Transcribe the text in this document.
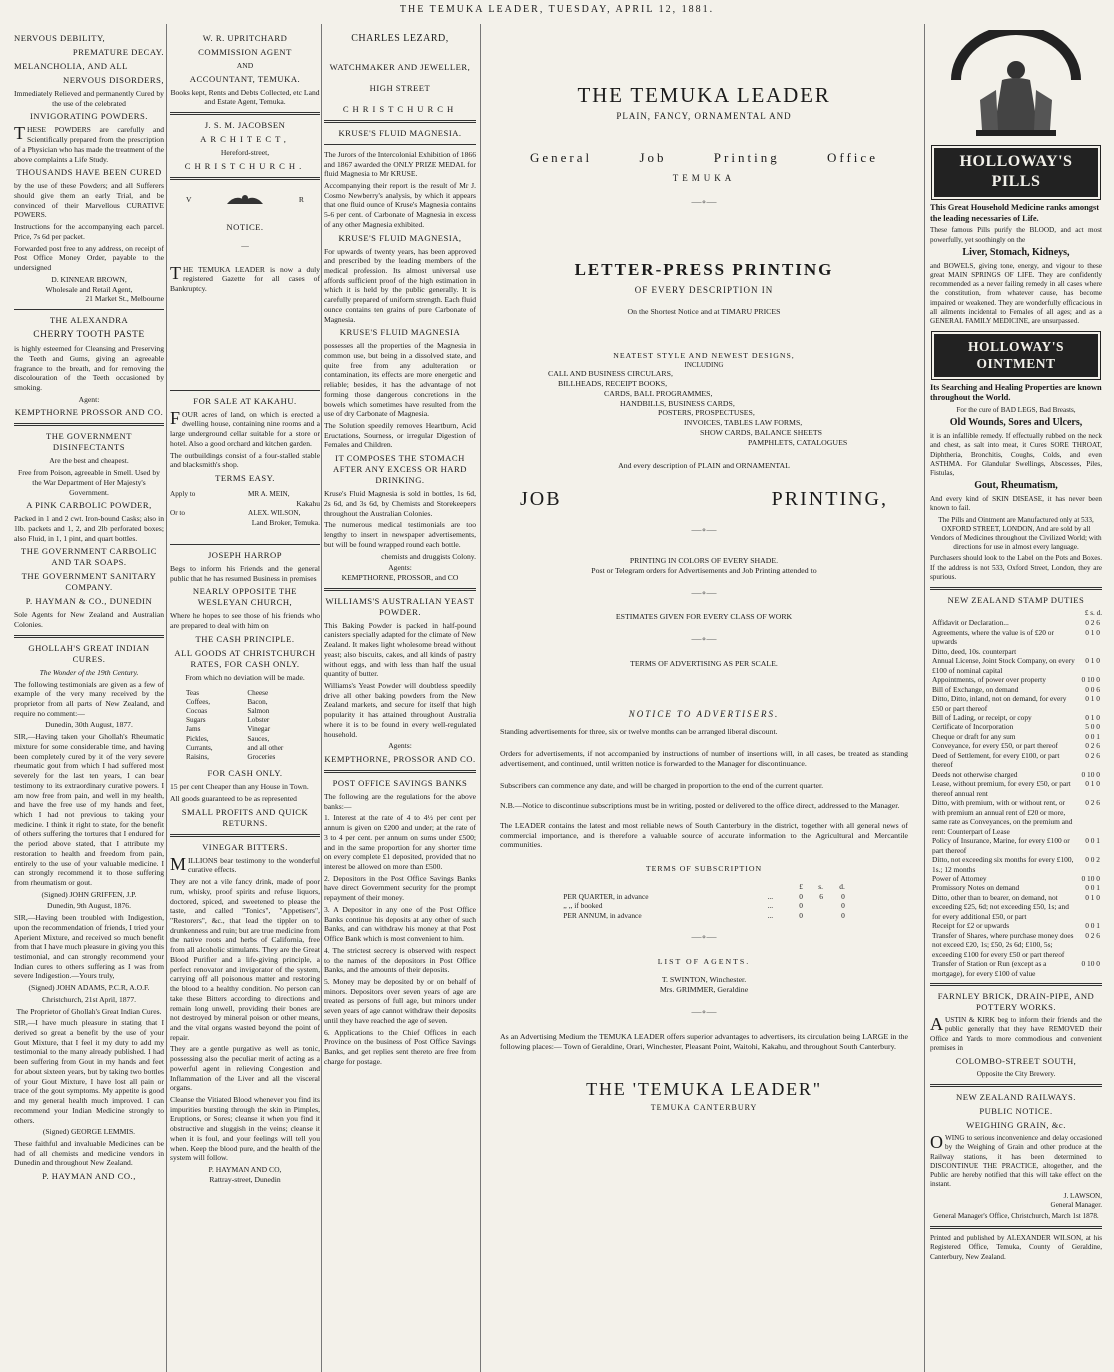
THE TEMUKA LEADER, TUESDAY, APRIL 12, 1881.
NERVOUS DEBILITY,
PREMATURE DECAY.
MELANCHOLIA, AND ALL
NERVOUS DISORDERS,

Immediately Relieved and permanently Cured by the use of the celebrated

INVIGORATING POWDERS.

THESE POWDERS are carefully and Scientifically prepared from the prescription of a Physician who has made the treatment of the above complaints a Life Study.

THOUSANDS HAVE BEEN CURED

by the use of these Powders; and all Sufferers should give them an early Trial, and be convinced of their Marvellous CURATIVE POWERS.

Instructions for the accompanying each parcel. Price, 7s 6d per packet.

Forwarded post free to any address, on receipt of Post Office Money Order, payable to the undersigned

D. KINNEAR BROWN,
Wholesale and Retail Agent,
21 Market St., Melbourne
THE ALEXANDRA
CHERRY TOOTH PASTE

is highly esteemed for Cleansing and Preserving the Teeth and Gums, giving an agreeable fragrance to the breath, and for removing the discolouration of the Teeth occasioned by smoking.

Agent:
KEMPTHORNE PROSSOR AND CO.
THE GOVERNMENT DISINFECTANTS
Are the best and cheapest.

Free from Poison, agreeable in Smell. Used by the War Department of Her Majesty's Government.

A PINK CARBOLIC POWDER,

Packed in 1 and 2 cwt. Iron-bound Casks; also in 1lb. packets and 1, 2, and 2lb perforated boxes; also Fluid, in 1, 1 pint, and quart bottles.

THE GOVERNMENT CARBOLIC AND TAR SOAPS.
THE GOVERNMENT SANITARY COMPANY.
P. HAYMAN & CO., DUNEDIN

Sole Agents for New Zealand and Australian Colonies.

GHOLLAH'S GREAT INDIAN CURES.

The Wonder of the 19th Century.

The following testimonials are given as a few of example of the very many received by the proprietor from all parts of New Zealand, and require no comment:—

Dunedin, 30th August, 1877.

SIR,—Having taken your Ghollah's Rheumatic mixture for some considerable time, and having been completely cured by it of the very severe rheumatic gout from which I had suffered most severely for the last ten years, I can bear testimony to its extraordinary curative powers. I am now free from pain, and well in my health, and have the free use of my hands and feet, which I had not previous to taking your medicine. I think it right to state, for the benefit of others suffering the tortures that I endured for the period above stated, that I attribute my restoration to health and freedom from pain, entirely to the use of your valuable medicine. I can strongly recommend it to those suffering from rheumatism or gout.

(Signed) JOHN GRIFFEN, J.P.

Dunedin, 9th August, 1876.

SIR,—Having been troubled with Indigestion, upon the recommendation of friends, I tried your Aperient Mixture, and received so much benefit from that I have much pleasure in giving you this testimonial, and can strongly recommend your Indian cures to others suffering as I was from severe Indigestion.—Yours truly,

(Signed) JOHN ADAMS, P.C.R, A.O.F.

Christchurch, 21st April, 1877.

The Proprietor of Ghollah's Great Indian Cures.

SIR,—I have much pleasure in stating that I derived so great a benefit by the use of your Gout Mixture, that I feel it my duty to add my testimonial to the many already published. I had been suffering from Gout in my hands and feet for about sixteen years, but by taking two bottles of your Gout Mixture, I have lost all pain or trace of the gout symptoms. My appetite is good and my general health much improved. I can recommend your Indian Medicine strongly to others.

(Signed) GEORGE LEMMIS.

These faithful and invaluable Medicines can be had of all chemists and medicine vendors in Dunedin and throughout New Zealand.

P. HAYMAN AND CO.,
W. R. UPRITCHARD
COMMISSION AGENT
AND
ACCOUNTANT, TEMUKA.

Books kept, Rents and Debts Collected, etc Land and Estate Agent, Temuka.

J. S. M. JACOBSEN
ARCHITECT,
Hereford-street,
CHRISTCHURCH.
V	R
NOTICE.
—

THE TEMUKA LEADER is now a duly registered Gazette for all cases of Bankruptcy.

FOR SALE AT KAKAHU.

FOUR acres of land, on which is erected a dwelling house, containing nine rooms and a large underground cellar suitable for a store or hotel. Also a good orchard and kitchen garden.

The outbuildings consist of a four-stalled stable and blacksmith's shop.

TERMS EASY.
Apply to	MR A. MEIN,
Kakahu
Or to	ALEX. WILSON,
Land Broker, Temuka.
JOSEPH HARROP

Begs to inform his Friends and the general public that he has resumed Business in premises

NEARLY OPPOSITE THE WESLEYAN CHURCH,

Where he hopes to see those of his friends who are prepared to deal with him on

THE CASH PRINCIPLE.
ALL GOODS AT CHRISTCHURCH RATES, FOR CASH ONLY.

From which no deviation will be made.

Teas
Coffees,
Cocoas
Sugars
Jams
Pickles,
Currants,
Raisins,
Cheese
Bacon,
Salmon
Lobster
Vinegar
Sauces,
and all other
Groceries
FOR CASH ONLY.

15 per cent Cheaper than any House in Town.

All goods guaranteed to be as represented

SMALL PROFITS AND QUICK RETURNS.
VINEGAR BITTERS.

MILLIONS bear testimony to the wonderful curative effects.

They are not a vile fancy drink, made of poor rum, whisky, proof spirits and refuse liquors, doctored, spiced, and sweetened to please the taste, and called "Tonics", "Appetisers", "Restorers", &c., that lead the tippler on to drunkenness and ruin; but are true medicine from the native roots and herbs of California, free from all alcoholic stimulants. They are the Great Blood Purifier and a life-giving principle, a perfect renovator and invigorator of the system, carrying off all poisonous matter and restoring the blood to a healthy condition. No person can take these Bitters according to directions and remain long unwell, providing their bones are not destroyed by mineral poison or other means, and the vital organs wasted beyond the point of repair.

They are a gentle purgative as well as tonic, possessing also the peculiar merit of acting as a powerful agent in relieving Congestion and Inflammation of the Liver and all the visceral organs.

Cleanse the Vitiated Blood whenever you find its impurities bursting through the skin in Pimples, Eruptions, or Sores; cleanse it when you find it obstructive and sluggish in the veins; cleanse it when it is foul, and your feelings will tell you when. Keep the blood pure, and the health of the system will follow.

P. HAYMAN AND CO,
Rattray-street, Dunedin
CHARLES LEZARD,
WATCHMAKER AND JEWELLER,
HIGH STREET
CHRISTCHURCH
KRUSE'S FLUID MAGNESIA.

The Jurors of the Intercolonial Exhibition of 1866 and 1867 awarded the ONLY PRIZE MEDAL for fluid Magnesia to Mr KRUSE.

Accompanying their report is the result of Mr J. Cosmo Newberry's analysis, by which it appears that one fluid ounce of Kruse's Magnesia contains 5-6 per cent. of Carbonate of Magnesia in excess of any other Magnesia exhibited.

KRUSE'S FLUID MAGNESIA,

For upwards of twenty years, has been approved and prescribed by the leading members of the medical profession. Its almost universal use affords sufficient proof of the high estimation in which it is held by the public generally. It is carefully prepared of uniform strength. Each fluid ounce contains ten grains of pure Carbonate of Magnesia.

KRUSE'S FLUID MAGNESIA

possesses all the properties of the Magnesia in common use, but being in a dissolved state, and quite free from any adulteration or contamination, its effects are more energetic and reliable; besides, it has the advantage of not forming those dangerous concretions in the bowels which sometimes have resulted from the use of dry Carbonate of Magnesia.

The Solution speedily removes Heartburn, Acid Eructations, Sourness, or irregular Digestion of Females and Children.

IT COMPOSES THE STOMACH AFTER ANY EXCESS OR HARD DRINKING.

Kruse's Fluid Magnesia is sold in bottles, 1s 6d, 2s 6d, and 3s 6d, by Chemists and Storekeepers throughout the Australian Colonies.

The numerous medical testimonials are too lengthy to insert in newspaper advertisements, but will be found wrapped round each bottle.

chemists and druggists Colony.

Agents:
KEMPTHORNE, PROSSOR, and CO
WILLIAMS'S AUSTRALIAN YEAST POWDER.

This Baking Powder is packed in half-pound canisters specially adapted for the climate of New Zealand. It makes light wholesome bread without yeast; also biscuits, cakes, and all kinds of pastry without eggs, and with less than half the usual quantity of butter.

Williams's Yeast Powder will doubtless speedily drive all other baking powders from the New Zealand markets, and secure for itself that high popularity it has attained throughout Australia where it is to be found in every well-regulated household.

Agents:
KEMPTHORNE, PROSSOR AND CO.
POST OFFICE SAVINGS BANKS

The following are the regulations for the above banks:—

1. Interest at the rate of 4 to 4½ per cent per annum is given on £200 and under; at the rate of 3 to 4 per cent. per annum on sums under £500; and in the same proportion for any shorter time on every complete £1 deposited, provided that no interest be allowed on more than £500.

2. Depositors in the Post Office Savings Banks have direct Government security for the prompt repayment of their money.

3. A Depositor in any one of the Post Office Banks continue his deposits at any other of such Banks, and can withdraw his money at that Post Office Bank which is most convenient to him.

4. The strictest secrecy is observed with respect to the names of the depositors in Post Office Banks, and the amounts of their deposits.

5. Money may be deposited by or on behalf of minors. Depositors over seven years of age are treated as persons of full age, but minors under seven years of age cannot withdraw their deposits until they have reached the age of seven.

6. Applications to the Chief Offices in each Province on the business of Post Office Savings Banks, and get replies sent thereto are free from charge for postage.

THE TEMUKA LEADER
PLAIN, FANCY, ORNAMENTAL AND
General	Job	Printing	Office
TEMUKA
—∘—
LETTER-PRESS PRINTING
OF EVERY DESCRIPTION IN
On the Shortest Notice and at TIMARU PRICES
NEATEST STYLE AND NEWEST DESIGNS,
INCLUDING
CALL AND BUSINESS CIRCULARS,
BILLHEADS, RECEIPT BOOKS,
CARDS, BALL PROGRAMMES,
HANDBILLS, BUSINESS CARDS,
POSTERS, PROSPECTUSES,
INVOICES, TABLES LAW FORMS,
SHOW CARDS, BALANCE SHEETS
PAMPHLETS, CATALOGUES
And every description of PLAIN and ORNAMENTAL
JOB	PRINTING,
—∘—
PRINTING IN COLORS OF EVERY SHADE.
Post or Telegram orders for Advertisements and Job Printing attended to
—∘—
ESTIMATES GIVEN FOR EVERY CLASS OF WORK
—∘—
TERMS OF ADVERTISING AS PER SCALE.
NOTICE TO ADVERTISERS.

Standing advertisements for three, six or twelve months can be arranged liberal discount.

Orders for advertisements, if not accompanied by instructions of number of insertions will, in all cases, be treated as standing advertisement, and continued, until written notice is forwarded to the Manager for discontinuance.

Subscribers can commence any date, and will be charged in proportion to the end of the current quarter.

N.B.—Notice to discontinue subscriptions must be in writing, posted or delivered to the office direct, addressed to the Manager.

The LEADER contains the latest and most reliable news of South Canterbury in the district, together with all general news of commercial importance, and is therefore a valuable source of accurate information to the Agricultural and Mercantile communities.

TERMS OF SUBSCRIPTION
		£	s.	d.
PER QUARTER, in advance	...	0	6	0
,, ,, if booked	...	0		0
PER ANNUM, in advance	...	0		0
—∘—
LIST OF AGENTS.
T. SWINTON, Winchester.
Mrs. GRIMMER, Geraldine
—∘—

As an Advertising Medium the TEMUKA LEADER offers superior advantages to advertisers, its circulation being LARGE in the following places:— Town of Geraldine, Orari, Winchester, Pleasant Point, Waitohi, Kakahu, and throughout South Canterbury.

THE 'TEMUKA LEADER"
TEMUKA CANTERBURY
FRIEND
HOLLOWAY'S PILLS
This Great Household Medicine ranks amongst the leading necessaries of Life.

These famous Pills purify the BLOOD, and act most powerfully, yet soothingly on the

Liver, Stomach, Kidneys,

and BOWELS, giving tone, energy, and vigour to these great MAIN SPRINGS OF LIFE. They are confidently recommended as a never failing remedy in all cases where the constitution, from whatever cause, has become impaired or weakened. They are wonderfully efficacious in all ailments incidental to Females of all ages; and as a GENERAL FAMILY MEDICINE, are unsurpassed.

HOLLOWAY'S OINTMENT
Its Searching and Healing Properties are known throughout the World.

For the cure of BAD LEGS, Bad Breasts,

Old Wounds, Sores and Ulcers,

it is an infallible remedy. If effectually rubbed on the neck and chest, as salt into meat, it Cures SORE THROAT, Diphtheria, Bronchitis, Coughs, Colds, and even ASTHMA. For Glandular Swellings, Abscesses, Piles, Fistulas,

Gout, Rheumatism,

And every kind of SKIN DISEASE, it has never been known to fail.

The Pills and Ointment are Manufactured only at 533, OXFORD STREET, LONDON, And are sold by all Vendors of Medicines throughout the Civilized World; with directions for use in almost every language.

Purchasers should look to the Label on the Pots and Boxes. If the address is not 533, Oxford Street, London, they are spurious.

NEW ZEALAND STAMP DUTIES
£ s. d.
Affidavit or Declaration...	0 2 6
Agreements, where the value is of £20 or upwards	0 1 0
Ditto, deed, 10s. counterpart	
Annual License, Joint Stock Company, on every £100 of nominal capital	0 1 0
Appointments, of power over property	0 10 0
Bill of Exchange, on demand	0 0 6
Ditto, Ditto, inland, not on demand, for every £50 or part thereof	0 1 0
Bill of Lading, or receipt, or copy	0 1 0
Certificate of Incorporation	5 0 0
Cheque or draft for any sum	0 0 1
Conveyance, for every £50, or part thereof	0 2 6
Deed of Settlement, for every £100, or part thereof	0 2 6
Deeds not otherwise charged	0 10 0
Lease, without premium, for every £50, or part thereof annual rent	0 1 0
Ditto, with premium, with or without rent, or with premium an annual rent of £20 or more, same rate as Conveyances, on the premium and rent: Counterpart of Lease	0 2 6
Policy of Insurance, Marine, for every £100 or part thereof	0 0 1
Ditto, not exceeding six months for every £100, 1s.; 12 months	0 0 2
Power of Attorney	0 10 0
Promissory Notes on demand	0 0 1
Ditto, other than to bearer, on demand, not exceeding £25, 6d; not exceeding £50, 1s; and for every additional £50, or part	0 1 0
Receipt for £2 or upwards	0 0 1
Transfer of Shares, where purchase money does not exceed £20, 1s; £50, 2s 6d; £100, 5s; exceeding £100 for every £50 or part thereof	0 2 6
Transfer of Station or Run (except as a mortgage), for every £100 of value	0 10 0
FARNLEY BRICK, DRAIN-PIPE, AND POTTERY WORKS.

AUSTIN & KIRK beg to inform their friends and the public generally that they have REMOVED their Office and Yards to more commodious and convenient premises in

COLOMBO-STREET SOUTH,
Opposite the City Brewery.
NEW ZEALAND RAILWAYS.
PUBLIC NOTICE.
WEIGHING GRAIN, &c.

OWING to serious inconvenience and delay occasioned by the Weighing of Grain and other produce at the Railway stations, it has been determined to DISCONTINUE THE PRACTICE, altogether, and the Public are hereby notified that this will take effect on the instant.

J. LAWSON,
General Manager.

General Manager's Office, Christchurch, March 1st 1878.

Printed and published by ALEXANDER WILSON, at his Registered Office, Temuka, County of Geraldine, Canterbury, New Zealand.
